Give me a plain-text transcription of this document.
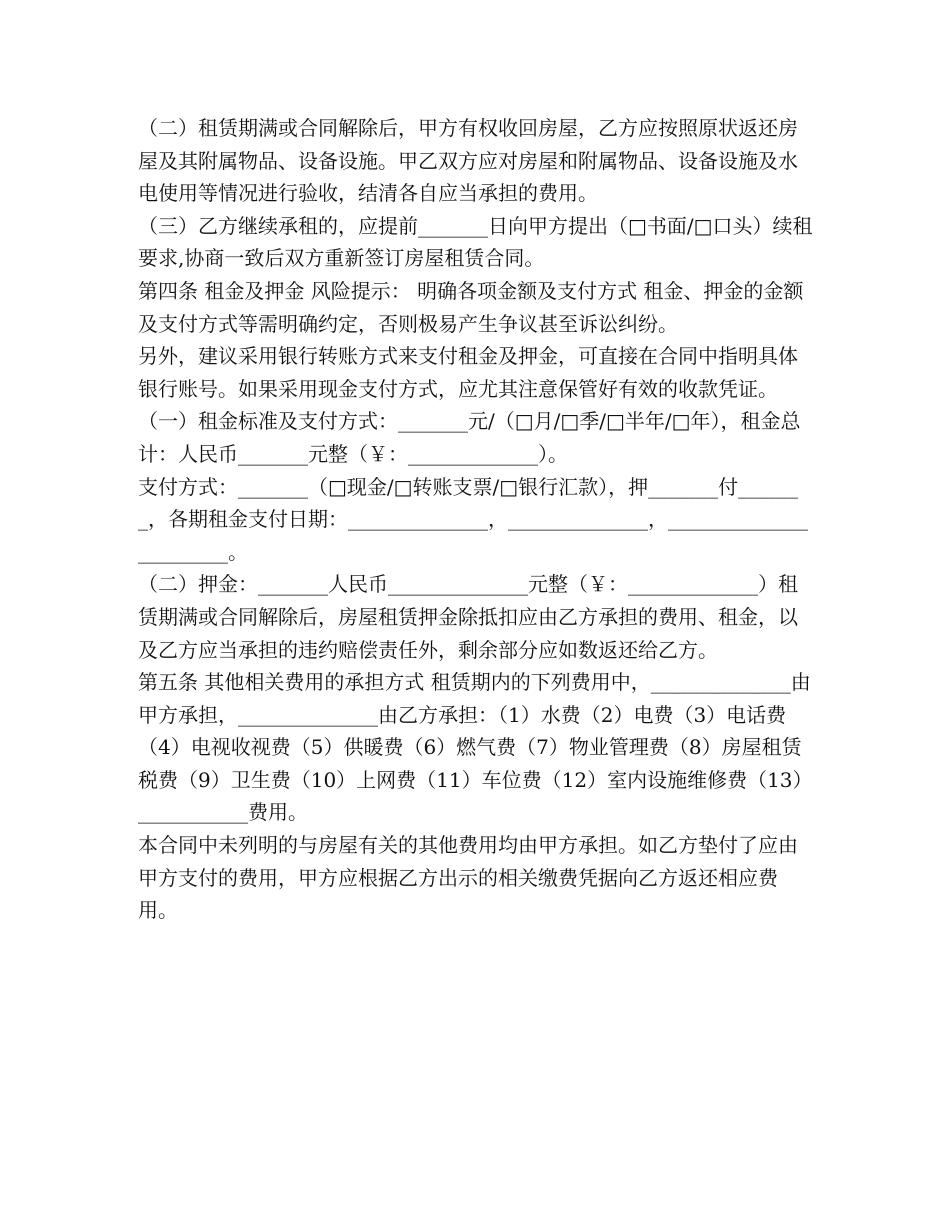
（二）租赁期满或合同解除后，甲方有权收回房屋，乙方应按照原状返还房屋及其附属物品、设备设施。甲乙双方应对房屋和附属物品、设备设施及水电使用等情况进行验收，结清各自应当承担的费用。

（三）乙方继续承租的，应提前_______日向甲方提出（□书面/□口头）续租要求,协商一致后双方重新签订房屋租赁合同。

第四条 租金及押金 风险提示： 明确各项金额及支付方式 租金、押金的金额及支付方式等需明确约定，否则极易产生争议甚至诉讼纠纷。

另外，建议采用银行转账方式来支付租金及押金，可直接在合同中指明具体银行账号。如果采用现金支付方式，应尤其注意保管好有效的收款凭证。

（一）租金标准及支付方式：_______元/（□月/□季/□半年/□年），租金总计：人民币_______元整（￥：_____________）。

支付方式：_______（□现金/□转账支票/□银行汇款），押_______付_______，各期租金支付日期：______________，______________，_______________________。

（二）押金：_______人民币______________元整（￥：_____________）租赁期满或合同解除后，房屋租赁押金除抵扣应由乙方承担的费用、租金，以及乙方应当承担的违约赔偿责任外，剩余部分应如数返还给乙方。

第五条 其他相关费用的承担方式 租赁期内的下列费用中，______________由甲方承担，______________由乙方承担：（1）水费（2）电费（3）电话费（4）电视收视费（5）供暖费（6）燃气费（7）物业管理费（8）房屋租赁税费（9）卫生费（10）上网费（11）车位费（12）室内设施维修费（13）___________费用。

本合同中未列明的与房屋有关的其他费用均由甲方承担。如乙方垫付了应由甲方支付的费用，甲方应根据乙方出示的相关缴费凭据向乙方返还相应费用。
